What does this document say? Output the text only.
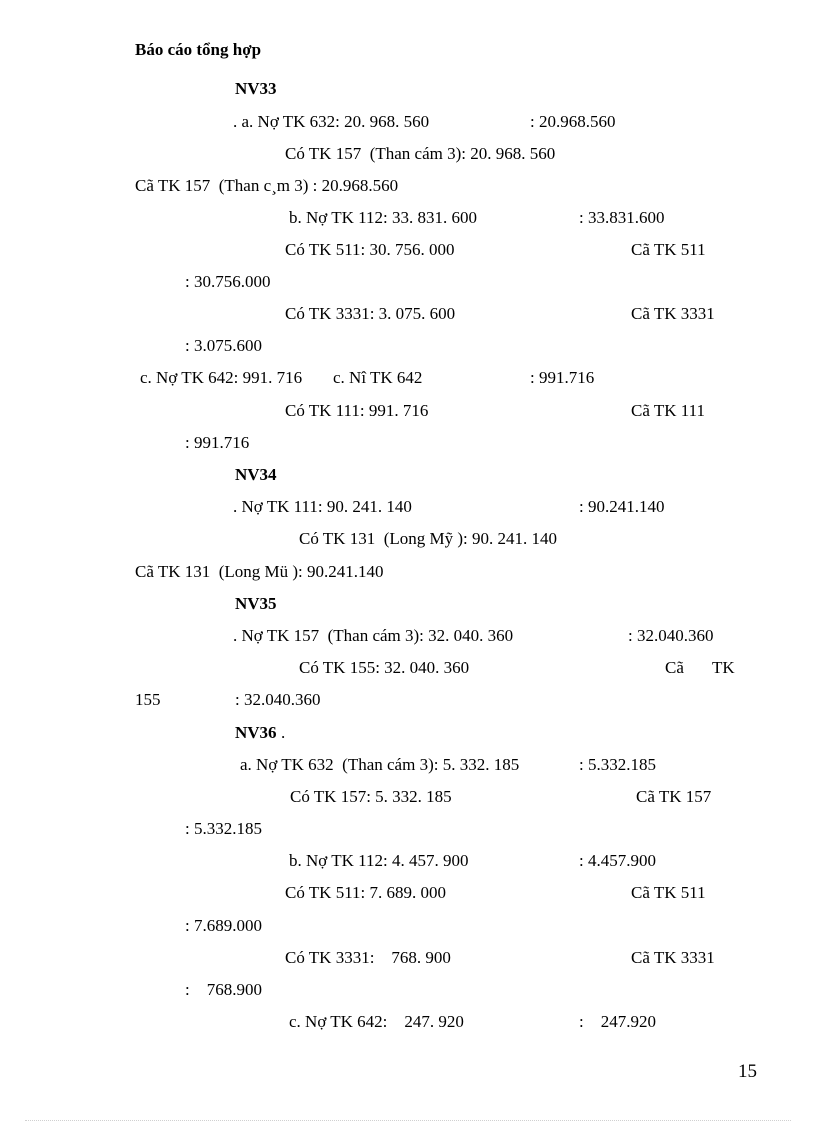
Báo cáo tổng hợp
NV33
. a. Nợ TK 632: 20. 968. 560	: 20.968.560
Có TK 157  (Than cám 3): 20. 968. 560
Cã TK 157  (Than c¸m 3) : 20.968.560
b. Nợ TK 112: 33. 831. 600	: 33.831.600
Có TK 511: 30. 756. 000	Cã TK 511
: 30.756.000
Có TK 3331: 3. 075. 600	Cã TK 3331
: 3.075.600
c. Nợ TK 642: 991. 716 c. Nî TK 642	: 991.716
Có TK 111: 991. 716	Cã TK 111
: 991.716
NV34
. Nợ TK 111: 90. 241. 140	: 90.241.140
Có TK 131  (Long Mỹ ): 90. 241. 140
Cã TK 131  (Long Mü ): 90.241.140
NV35
. Nợ TK 157  (Than cám 3): 32. 040. 360	: 32.040.360
Có TK 155: 32. 040. 360	Cã TK
155	: 32.040.360
NV36 .
a. Nợ TK 632  (Than cám 3): 5. 332. 185	: 5.332.185
Có TK 157: 5. 332. 185	Cã TK 157
: 5.332.185
b. Nợ TK 112: 4. 457. 900	: 4.457.900
Có TK 511: 7. 689. 000	Cã TK 511
: 7.689.000
Có TK 3331:    768. 900	Cã TK 3331
:    768.900
c. Nợ TK 642:    247. 920	:    247.920
15
